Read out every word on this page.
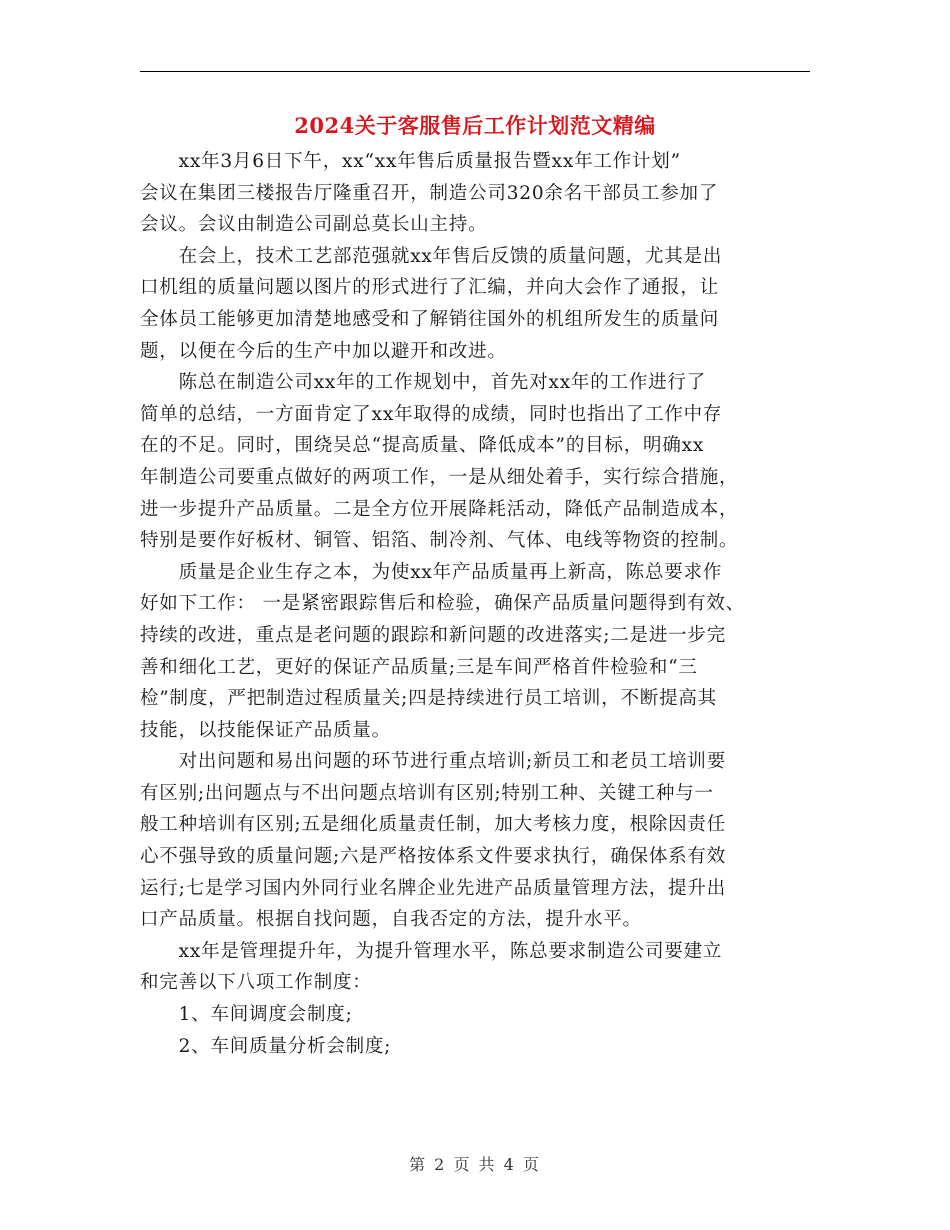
2024关于客服售后工作计划范文精编
　　xx年3月6日下午，xx“xx年售后质量报告暨xx年工作计划”
会议在集团三楼报告厅隆重召开，制造公司320余名干部员工参加了
会议。会议由制造公司副总莫长山主持。
　　在会上，技术工艺部范强就xx年售后反馈的质量问题，尤其是出
口机组的质量问题以图片的形式进行了汇编，并向大会作了通报，让
全体员工能够更加清楚地感受和了解销往国外的机组所发生的质量问
题，以便在今后的生产中加以避开和改进。
　　陈总在制造公司xx年的工作规划中，首先对xx年的工作进行了
简单的总结，一方面肯定了xx年取得的成绩，同时也指出了工作中存
在的不足。同时，围绕吴总“提高质量、降低成本”的目标，明确xx
年制造公司要重点做好的两项工作，一是从细处着手，实行综合措施，
进一步提升产品质量。二是全方位开展降耗活动，降低产品制造成本，
特别是要作好板材、铜管、铝箔、制冷剂、气体、电线等物资的控制。
　　质量是企业生存之本，为使xx年产品质量再上新高，陈总要求作
好如下工作： 一是紧密跟踪售后和检验，确保产品质量问题得到有效、
持续的改进，重点是老问题的跟踪和新问题的改进落实;二是进一步完
善和细化工艺，更好的保证产品质量;三是车间严格首件检验和“三
检”制度，严把制造过程质量关;四是持续进行员工培训，不断提高其
技能，以技能保证产品质量。
　　对出问题和易出问题的环节进行重点培训;新员工和老员工培训要
有区别;出问题点与不出问题点培训有区别;特别工种、关键工种与一
般工种培训有区别;五是细化质量责任制，加大考核力度，根除因责任
心不强导致的质量问题;六是严格按体系文件要求执行，确保体系有效
运行;七是学习国内外同行业名牌企业先进产品质量管理方法，提升出
口产品质量。根据自找问题，自我否定的方法，提升水平。
　　xx年是管理提升年，为提升管理水平，陈总要求制造公司要建立
和完善以下八项工作制度：
　　1、车间调度会制度;
　　2、车间质量分析会制度;
第 2 页 共 4 页
